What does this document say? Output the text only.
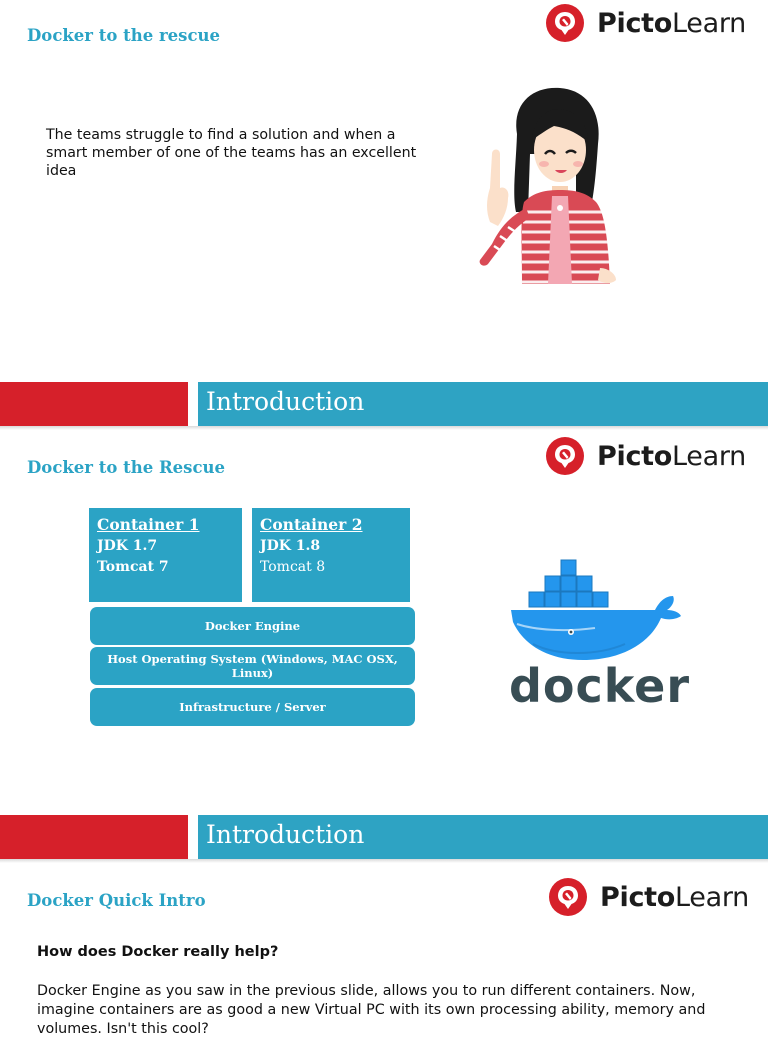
Docker to the rescue	PictoLearn
The teams struggle to find a solution and when a smart member of one of the teams has an excellent idea
Introduction
Docker to the Rescue	PictoLearn
Container 1
JDK 1.7
Tomcat 7
Container 2
JDK 1.8
Tomcat 8
Docker Engine
Host Operating System (Windows, MAC OSX, Linux)
Infrastructure / Server	docker
Introduction
Docker Quick Intro	PictoLearn
How does Docker really help?
Docker Engine as you saw in the previous slide, allows you to run different containers. Now, imagine containers are as good a new Virtual PC with its own processing ability, memory and volumes. Isn't this cool?
